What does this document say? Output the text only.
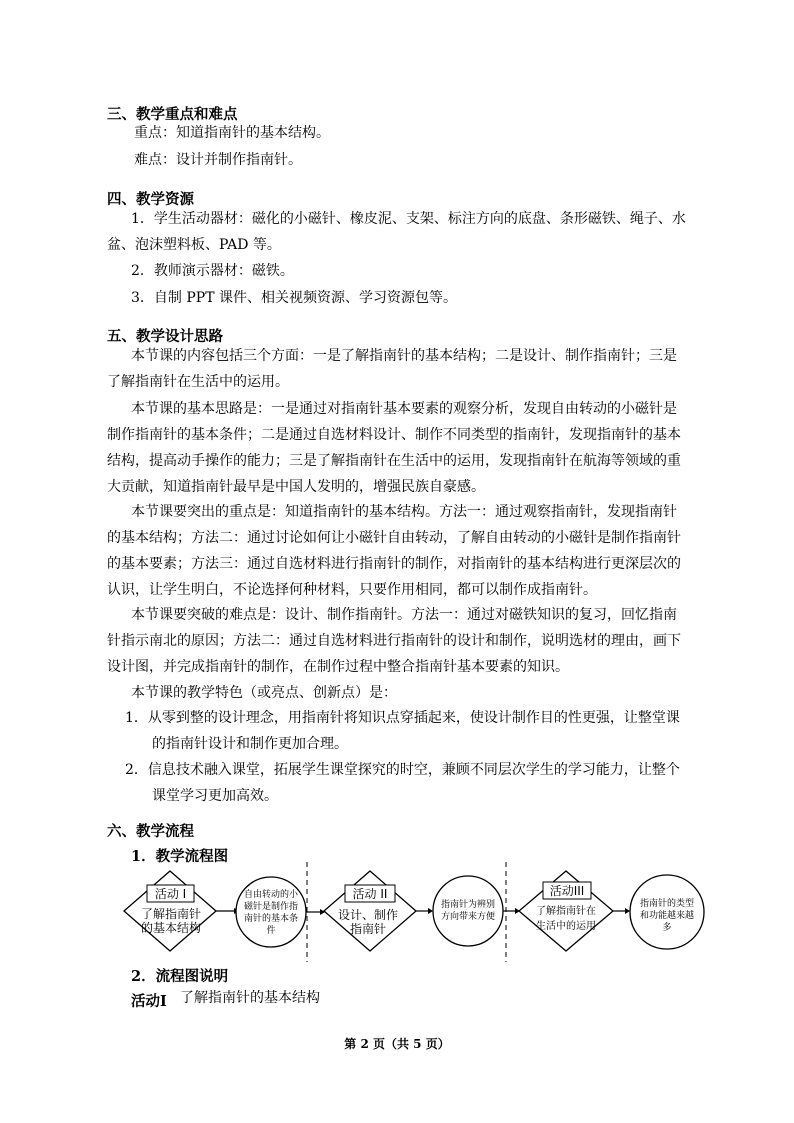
三、教学重点和难点
重点：知道指南针的基本结构。
难点：设计并制作指南针。
四、教学资源
1．学生活动器材：磁化的小磁针、橡皮泥、支架、标注方向的底盘、条形磁铁、绳子、水
盆、泡沫塑料板、PAD 等。
2．教师演示器材：磁铁。
3．自制 PPT 课件、相关视频资源、学习资源包等。
五、教学设计思路
本节课的内容包括三个方面：一是了解指南针的基本结构；二是设计、制作指南针；三是
了解指南针在生活中的运用。
本节课的基本思路是：一是通过对指南针基本要素的观察分析，发现自由转动的小磁针是
制作指南针的基本条件；二是通过自选材料设计、制作不同类型的指南针，发现指南针的基本
结构，提高动手操作的能力；三是了解指南针在生活中的运用，发现指南针在航海等领域的重
大贡献，知道指南针最早是中国人发明的，增强民族自豪感。
本节课要突出的重点是：知道指南针的基本结构。方法一：通过观察指南针，发现指南针
的基本结构；方法二：通过讨论如何让小磁针自由转动，了解自由转动的小磁针是制作指南针
的基本要素；方法三：通过自选材料进行指南针的制作，对指南针的基本结构进行更深层次的
认识，让学生明白，不论选择何种材料，只要作用相同，都可以制作成指南针。
本节课要突破的难点是：设计、制作指南针。方法一：通过对磁铁知识的复习，回忆指南
针指示南北的原因；方法二：通过自选材料进行指南针的设计和制作，说明选材的理由，画下
设计图，并完成指南针的制作，在制作过程中整合指南针基本要素的知识。
本节课的教学特色（或亮点、创新点）是：
1．从零到整的设计理念，用指南针将知识点穿插起来，使设计制作目的性更强，让整堂课
的指南针设计和制作更加合理。
2．信息技术融入课堂，拓展学生课堂探究的时空，兼顾不同层次学生的学习能力，让整个
课堂学习更加高效。
六、教学流程
1．教学流程图
活动 I
了解指南针的基本结构
自由转动的小磁针是制作指南针的基本条件
活动 II
设计、制作指南针
指南针为辨别方向带来方便
活动III
了解指南针在生活中的运用
指南针的类型和功能越来越多
2．流程图说明
活动I 了解指南针的基本结构
第 2 页（共 5 页）
